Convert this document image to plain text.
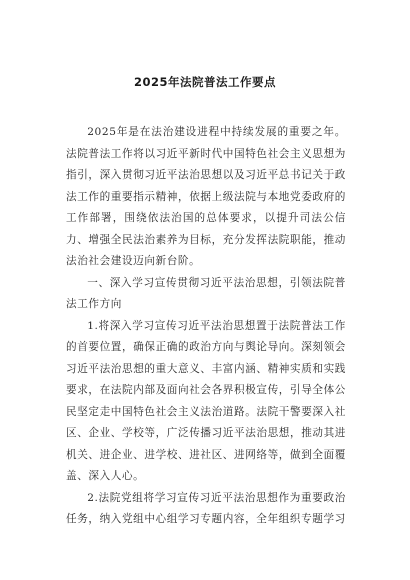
2025年法院普法工作要点

2025年是在法治建设进程中持续发展的重要之年。法院普法工作将以习近平新时代中国特色社会主义思想为指引，深入贯彻习近平法治思想以及习近平总书记关于政法工作的重要指示精神，依据上级法院与本地党委政府的工作部署，围绕依法治国的总体要求，以提升司法公信力、增强全民法治素养为目标，充分发挥法院职能，推动法治社会建设迈向新台阶。

一、深入学习宣传贯彻习近平法治思想，引领法院普法工作方向

1.将深入学习宣传习近平法治思想置于法院普法工作的首要位置，确保正确的政治方向与舆论导向。深刻领会习近平法治思想的重大意义、丰富内涵、精神实质和实践要求，在法院内部及面向社会各界积极宣传，引导全体公民坚定走中国特色社会主义法治道路。法院干警要深入社区、企业、学校等，广泛传播习近平法治思想，推动其进机关、进企业、进学校、进社区、进网络等，做到全面覆盖、深入人心。

2.法院党组将学习宣传习近平法治思想作为重要政治任务，纳入党组中心组学习专题内容，全年组织专题学习
